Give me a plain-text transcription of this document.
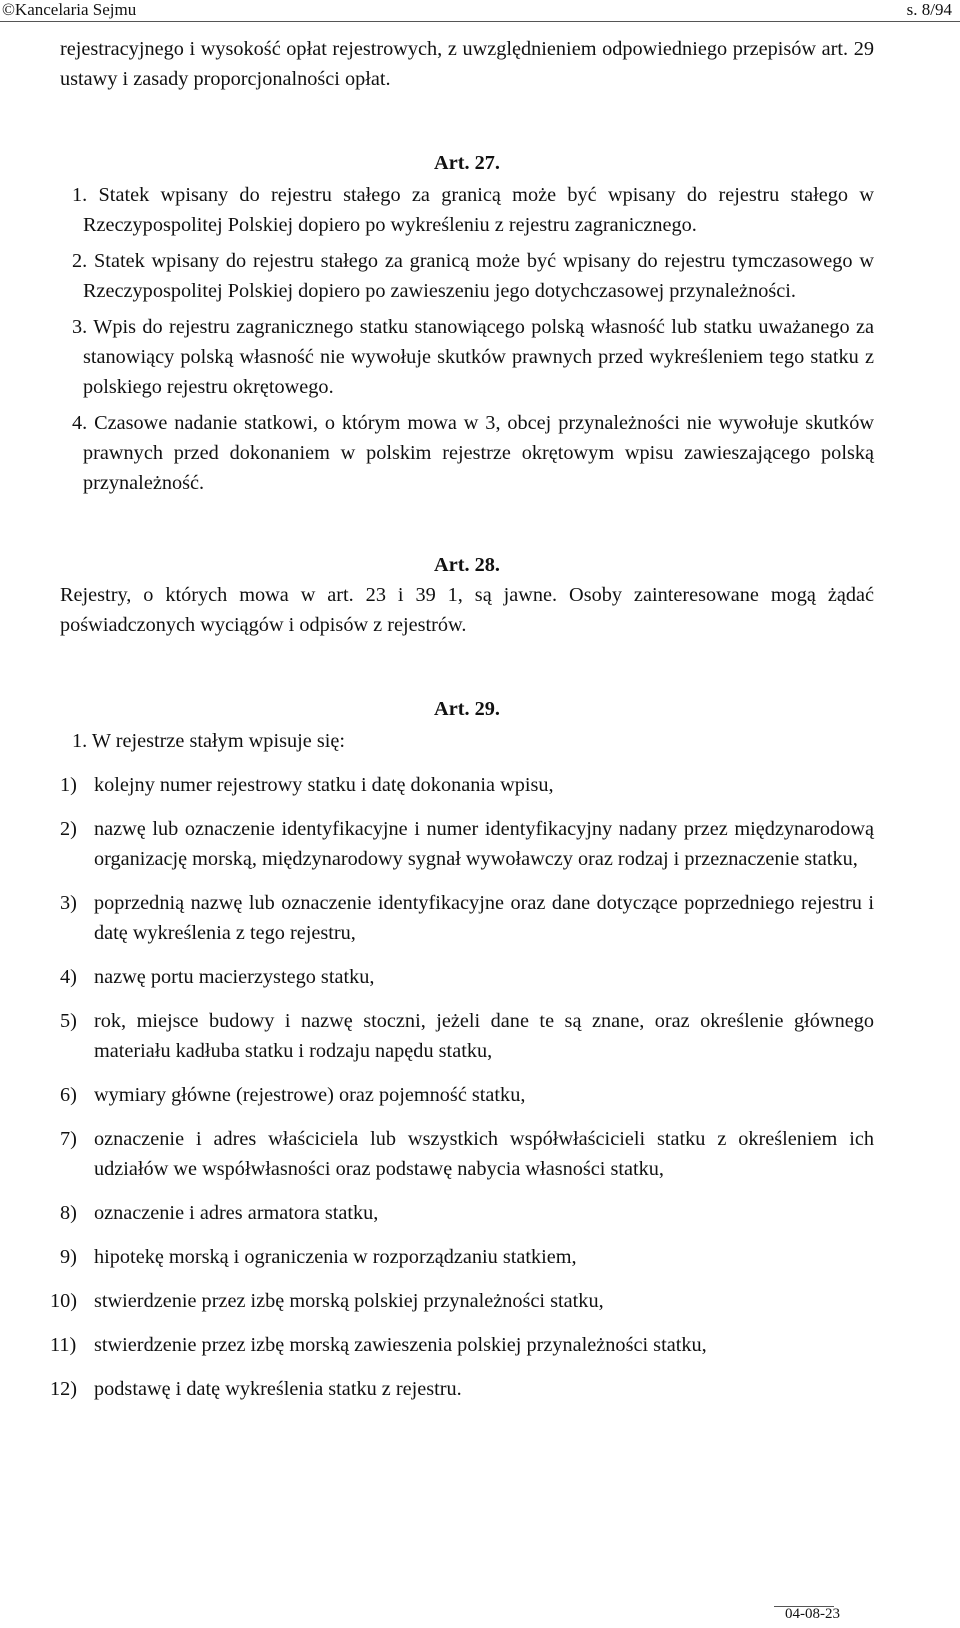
©Kancelaria Sejmu	s. 8/94

rejestracyjnego i wysokość opłat rejestrowych, z uwzględnieniem odpowiedniego przepisów art. 29 ustawy i zasady proporcjonalności opłat.

Art. 27.

1. Statek wpisany do rejestru stałego za granicą może być wpisany do rejestru stałego w Rzeczypospolitej Polskiej dopiero po wykreśleniu z rejestru zagranicznego.

2. Statek wpisany do rejestru stałego za granicą może być wpisany do rejestru tymczasowego w Rzeczypospolitej Polskiej dopiero po zawieszeniu jego dotychczasowej przynależności.

3. Wpis do rejestru zagranicznego statku stanowiącego polską własność lub statku uważanego za stanowiący polską własność nie wywołuje skutków prawnych przed wykreśleniem tego statku z polskiego rejestru okrętowego.

4. Czasowe nadanie statkowi, o którym mowa w 3, obcej przynależności nie wywołuje skutków prawnych przed dokonaniem w polskim rejestrze okrętowym wpisu zawieszającego polską przynależność.

Art. 28.

Rejestry, o których mowa w art. 23 i 39 1, są jawne. Osoby zainteresowane mogą żądać poświadczonych wyciągów i odpisów z rejestrów.

Art. 29.

1. W rejestrze stałym wpisuje się:

1) kolejny numer rejestrowy statku i datę dokonania wpisu,
2) nazwę lub oznaczenie identyfikacyjne i numer identyfikacyjny nadany przez międzynarodową organizację morską, międzynarodowy sygnał wywoławczy oraz rodzaj i przeznaczenie statku,
3) poprzednią nazwę lub oznaczenie identyfikacyjne oraz dane dotyczące poprzedniego rejestru i datę wykreślenia z tego rejestru,
4) nazwę portu macierzystego statku,
5) rok, miejsce budowy i nazwę stoczni, jeżeli dane te są znane, oraz określenie głównego materiału kadłuba statku i rodzaju napędu statku,
6) wymiary główne (rejestrowe) oraz pojemność statku,
7) oznaczenie i adres właściciela lub wszystkich współwłaścicieli statku z określeniem ich udziałów we współwłasności oraz podstawę nabycia własności statku,
8) oznaczenie i adres armatora statku,
9) hipotekę morską i ograniczenia w rozporządzaniu statkiem,
10) stwierdzenie przez izbę morską polskiej przynależności statku,
11) stwierdzenie przez izbę morską zawieszenia polskiej przynależności statku,
12) podstawę i datę wykreślenia statku z rejestru.
04-08-23
